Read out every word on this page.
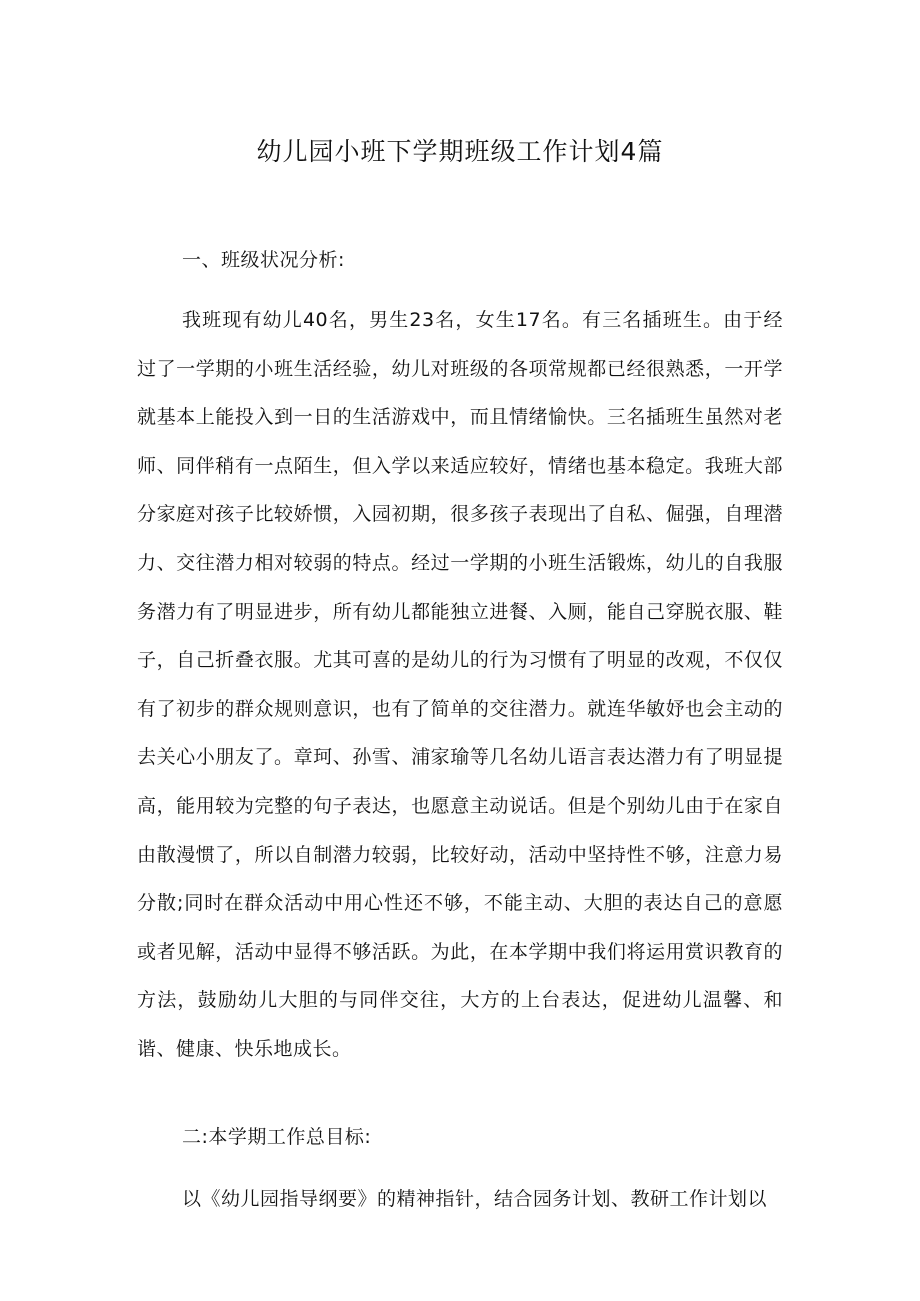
幼儿园小班下学期班级工作计划4篇

一、班级状况分析:

我班现有幼儿40名，男生23名，女生17名。有三名插班生。由于经过了一学期的小班生活经验，幼儿对班级的各项常规都已经很熟悉，一开学就基本上能投入到一日的生活游戏中，而且情绪愉快。三名插班生虽然对老师、同伴稍有一点陌生，但入学以来适应较好，情绪也基本稳定。我班大部分家庭对孩子比较娇惯，入园初期，很多孩子表现出了自私、倔强，自理潜力、交往潜力相对较弱的特点。经过一学期的小班生活锻炼，幼儿的自我服务潜力有了明显进步，所有幼儿都能独立进餐、入厕，能自己穿脱衣服、鞋子，自己折叠衣服。尤其可喜的是幼儿的行为习惯有了明显的改观，不仅仅有了初步的群众规则意识，也有了简单的交往潜力。就连华敏妤也会主动的去关心小朋友了。章珂、孙雪、浦家瑜等几名幼儿语言表达潜力有了明显提高，能用较为完整的句子表达，也愿意主动说话。但是个别幼儿由于在家自由散漫惯了，所以自制潜力较弱，比较好动，活动中坚持性不够，注意力易分散;同时在群众活动中用心性还不够，不能主动、大胆的表达自己的意愿或者见解，活动中显得不够活跃。为此，在本学期中我们将运用赏识教育的方法，鼓励幼儿大胆的与同伴交往，大方的上台表达，促进幼儿温馨、和谐、健康、快乐地成长。

二:本学期工作总目标:

以《幼儿园指导纲要》的精神指针，结合园务计划、教研工作计划以
